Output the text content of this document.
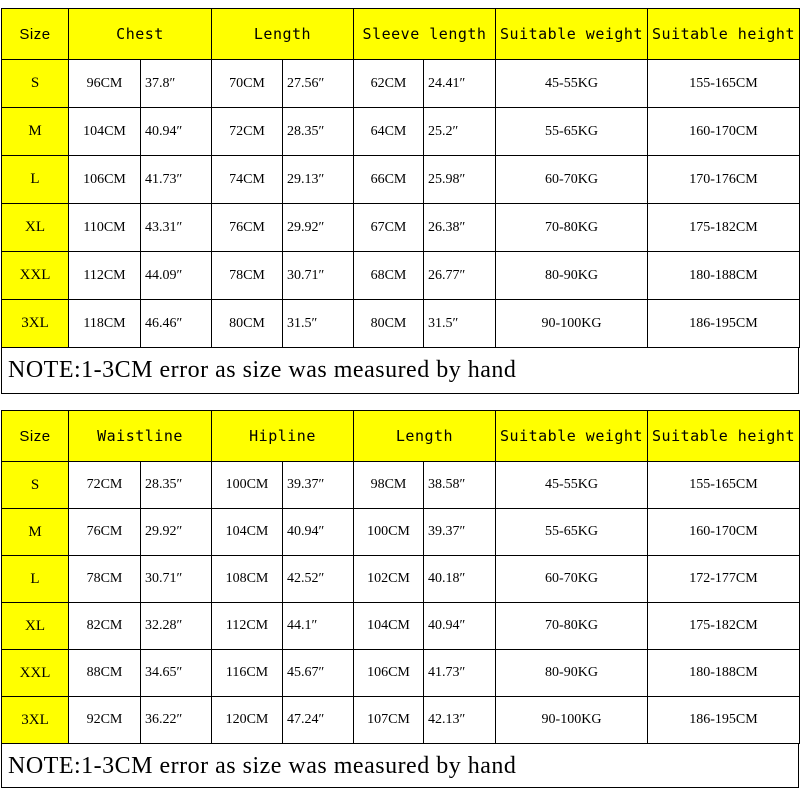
Size	Chest		Length		Sleeve length		Suitable weight	Suitable height
S	96CM	37.8″	70CM	27.56″	62CM	24.41″	45-55KG	155-165CM
M	104CM	40.94″	72CM	28.35″	64CM	25.2″	55-65KG	160-170CM
L	106CM	41.73″	74CM	29.13″	66CM	25.98″	60-70KG	170-176CM
XL	110CM	43.31″	76CM	29.92″	67CM	26.38″	70-80KG	175-182CM
XXL	112CM	44.09″	78CM	30.71″	68CM	26.77″	80-90KG	180-188CM
3XL	118CM	46.46″	80CM	31.5″	80CM	31.5″	90-100KG	186-195CM
NOTE:1-3CM error as size was measured by hand
Size	Waistline		Hipline		Length		Suitable weight	Suitable height
S	72CM	28.35″	100CM	39.37″	98CM	38.58″	45-55KG	155-165CM
M	76CM	29.92″	104CM	40.94″	100CM	39.37″	55-65KG	160-170CM
L	78CM	30.71″	108CM	42.52″	102CM	40.18″	60-70KG	172-177CM
XL	82CM	32.28″	112CM	44.1″	104CM	40.94″	70-80KG	175-182CM
XXL	88CM	34.65″	116CM	45.67″	106CM	41.73″	80-90KG	180-188CM
3XL	92CM	36.22″	120CM	47.24″	107CM	42.13″	90-100KG	186-195CM
NOTE:1-3CM error as size was measured by hand
